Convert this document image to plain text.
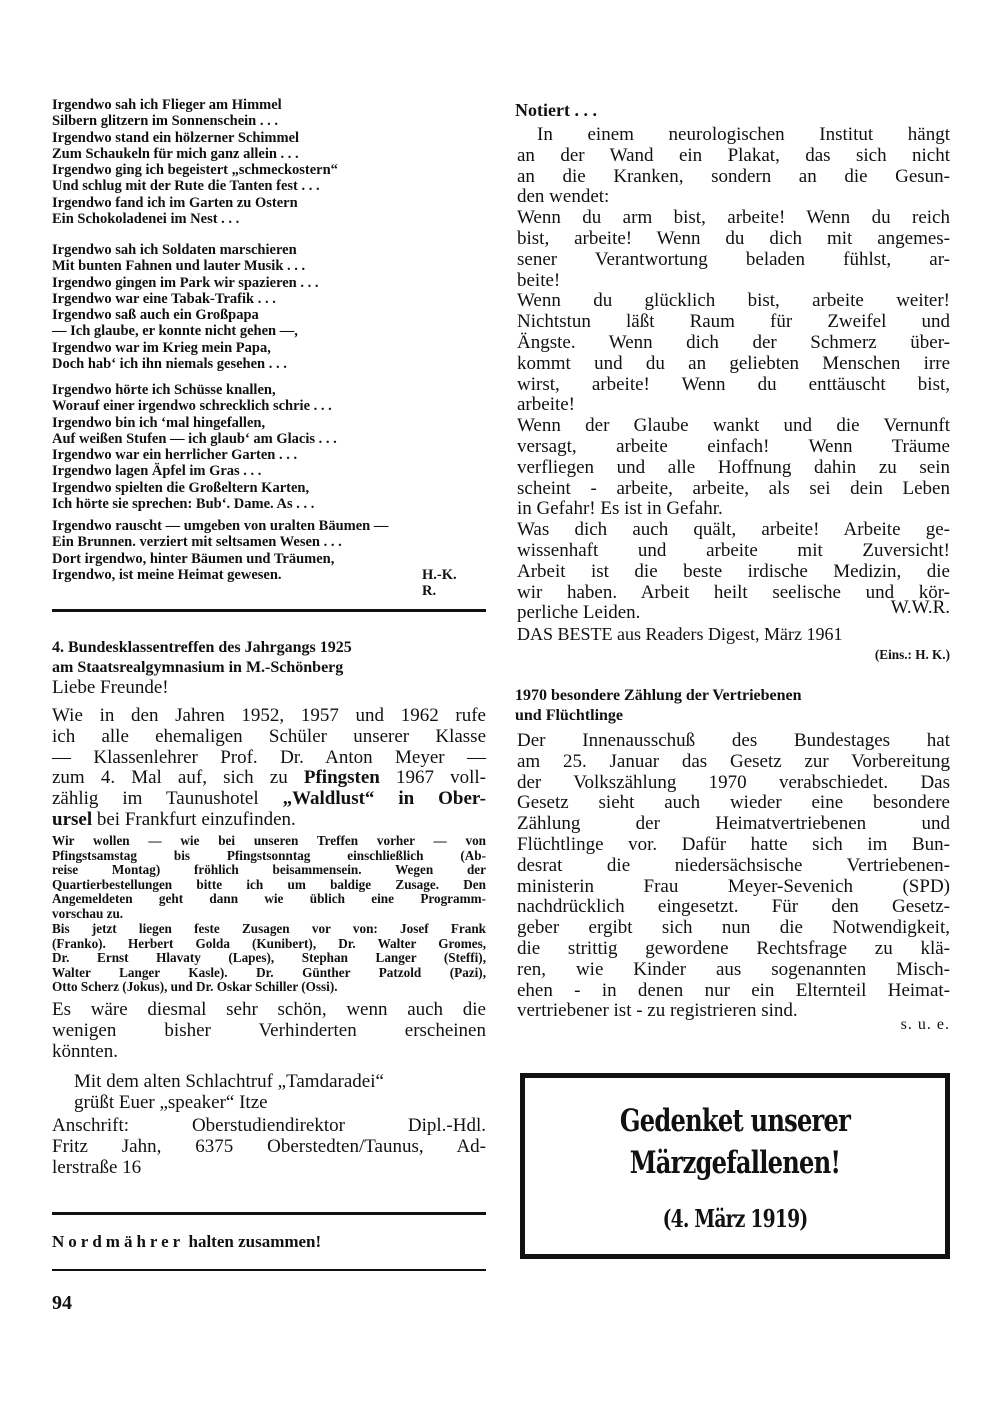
Irgendwo sah ich Flieger am Himmel
Silbern glitzern im Sonnenschein . . .
Irgendwo stand ein hölzerner Schimmel
Zum Schaukeln für mich ganz allein . . .
Irgendwo ging ich begeistert „schmeckostern“
Und schlug mit der Rute die Tanten fest . . .
Irgendwo fand ich im Garten zu Ostern
Ein Schokoladenei im Nest . . .
Irgendwo sah ich Soldaten marschieren
Mit bunten Fahnen und lauter Musik . . .
Irgendwo gingen im Park wir spazieren . . .
Irgendwo war eine Tabak-Trafik . . .
Irgendwo saß auch ein Großpapa
— Ich glaube, er konnte nicht gehen —,
Irgendwo war im Krieg mein Papa,
Doch hab‘ ich ihn niemals gesehen . . .
Irgendwo hörte ich Schüsse knallen,
Worauf einer irgendwo schrecklich schrie . . .
Irgendwo bin ich ‘mal hingefallen,
Auf weißen Stufen — ich glaub‘ am Glacis . . .
Irgendwo war ein herrlicher Garten . . .
Irgendwo lagen Äpfel im Gras . . .
Irgendwo spielten die Großeltern Karten,
Ich hörte sie sprechen: Bub‘. Dame. As . . .
Irgendwo rauscht — umgeben von uralten Bäumen —
Ein Brunnen. verziert mit seltsamen Wesen . . .
Dort irgendwo, hinter Bäumen und Träumen,
Irgendwo, ist meine Heimat gewesen.	H.-K. R.
4. Bundesklassentreffen des Jahrgangs 1925
am Staatsrealgymnasium in M.-Schönberg
Liebe Freunde!
Wie in den Jahren 1952, 1957 und 1962 rufe
ich alle ehemaligen Schüler unserer Klasse
— Klassenlehrer Prof. Dr. Anton Meyer —
zum 4. Mal auf, sich zu Pfingsten 1967 voll-
zählig im Taunushotel „Waldlust“ in Ober-
ursel bei Frankfurt einzufinden.
Wir wollen — wie bei unseren Treffen vorher — von
Pfingstsamstag bis Pfingstsonntag einschließlich (Ab-
reise Montag) fröhlich beisammensein. Wegen der
Quartierbestellungen bitte ich um baldige Zusage. Den
Angemeldeten geht dann wie üblich eine Programm-
vorschau zu.
Bis jetzt liegen feste Zusagen vor von: Josef Frank
(Franko). Herbert Golda (Kunibert), Dr. Walter Gromes,
Dr. Ernst Hlavaty (Lapes), Stephan Langer (Steffi),
Walter Langer Kasle). Dr. Günther Patzold (Pazi),
Otto Scherz (Jokus), und Dr. Oskar Schiller (Ossi).
Es wäre diesmal sehr schön, wenn auch die
wenigen bisher Verhinderten erscheinen
könnten.
Mit dem alten Schlachtruf „Tamdaradei“
grüßt Euer „speaker“ Itze
Anschrift: Oberstudiendirektor Dipl.-Hdl.
Fritz Jahn, 6375 Oberstedten/Taunus, Ad-
lerstraße 16
Nordmährer halten zusammen!
94
Notiert . . .
In einem neurologischen Institut hängt
an der Wand ein Plakat, das sich nicht
an die Kranken, sondern an die Gesun-
den wendet:
Wenn du arm bist, arbeite! Wenn du reich
bist, arbeite! Wenn du dich mit angemes-
sener Verantwortung beladen fühlst, ar-
beite!
Wenn du glücklich bist, arbeite weiter!
Nichtstun läßt Raum für Zweifel und
Ängste. Wenn dich der Schmerz über-
kommt und du an geliebten Menschen irre
wirst, arbeite! Wenn du enttäuscht bist,
arbeite!
Wenn der Glaube wankt und die Vernunft
versagt, arbeite einfach! Wenn Träume
verfliegen und alle Hoffnung dahin zu sein
scheint - arbeite, arbeite, als sei dein Leben
in Gefahr! Es ist in Gefahr.
Was dich auch quält, arbeite! Arbeite ge-
wissenhaft und arbeite mit Zuversicht!
Arbeit ist die beste irdische Medizin, die
wir haben. Arbeit heilt seelische und kör-
perliche Leiden.	W.W.R.
DAS BESTE aus Readers Digest, März 1961
(Eins.: H. K.)
1970 besondere Zählung der Vertriebenen
und Flüchtlinge
Der Innenausschuß des Bundestages hat
am 25. Januar das Gesetz zur Vorbereitung
der Volkszählung 1970 verabschiedet. Das
Gesetz sieht auch wieder eine besondere
Zählung der Heimatvertriebenen und
Flüchtlinge vor. Dafür hatte sich im Bun-
desrat die niedersächsische Vertriebenen-
ministerin Frau Meyer-Sevenich (SPD)
nachdrücklich eingesetzt. Für den Gesetz-
geber ergibt sich nun die Notwendigkeit,
die strittig gewordene Rechtsfrage zu klä-
ren, wie Kinder aus sogenannten Misch-
ehen - in denen nur ein Elternteil Heimat-
vertriebener ist - zu registrieren sind.
s. u. e.
Gedenket unserer
Märzgefallenen!
(4. März 1919)
